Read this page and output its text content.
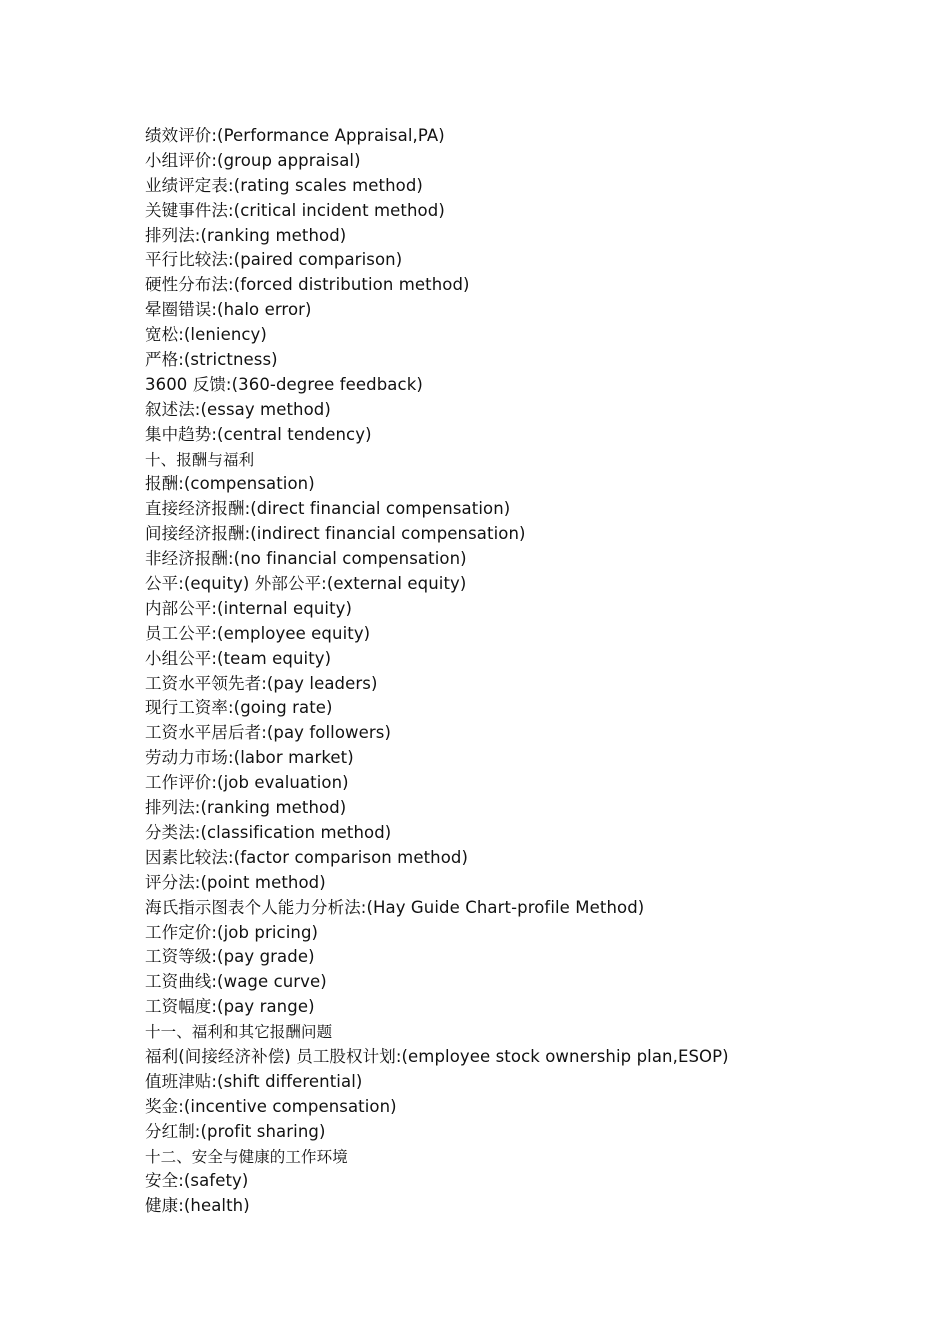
绩效评价:(Performance Appraisal,PA)
小组评价:(group appraisal)
业绩评定表:(rating scales method)
关键事件法:(critical incident method)
排列法:(ranking method)
平行比较法:(paired comparison)
硬性分布法:(forced distribution method)
晕圈错误:(halo error)
宽松:(leniency)
严格:(strictness)
3600 反馈:(360-degree feedback)
叙述法:(essay method)
集中趋势:(central tendency)
十、报酬与福利
报酬:(compensation)
直接经济报酬:(direct financial compensation)
间接经济报酬:(indirect financial compensation)
非经济报酬:(no financial compensation)
公平:(equity) 外部公平:(external equity)
内部公平:(internal equity)
员工公平:(employee equity)
小组公平:(team equity)
工资水平领先者:(pay leaders)
现行工资率:(going rate)
工资水平居后者:(pay followers)
劳动力市场:(labor market)
工作评价:(job evaluation)
排列法:(ranking method)
分类法:(classification method)
因素比较法:(factor comparison method)
评分法:(point method)
海氏指示图表个人能力分析法:(Hay Guide Chart-profile Method)
工作定价:(job pricing)
工资等级:(pay grade)
工资曲线:(wage curve)
工资幅度:(pay range)
十一、福利和其它报酬问题
福利(间接经济补偿) 员工股权计划:(employee stock ownership plan,ESOP)
值班津贴:(shift differential)
奖金:(incentive compensation)
分红制:(profit sharing)
十二、安全与健康的工作环境
安全:(safety)
健康:(health)
